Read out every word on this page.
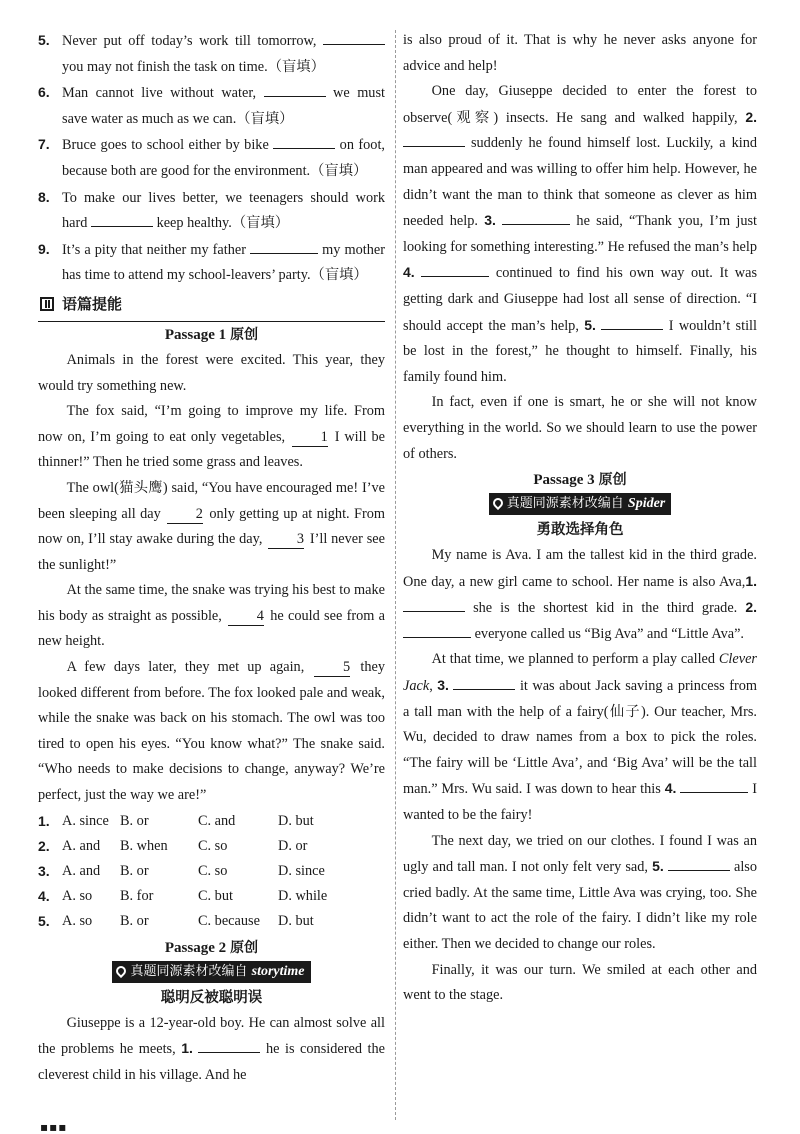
5. Never put off today’s work till tomorrow,  you may not finish the task on time.（盲填）

6. Man cannot live without water,	we must save water as much as we can.（盲填）

7. Bruce goes to school either by bike	on foot, because both are good for the environment.（盲填）

8. To make our lives better, we teenagers should work hard	keep healthy.（盲填）

9. It’s a pity that neither my father	my mother has time to attend my school-leavers’ party.（盲填）

语篇提能

Passage 1 原创

Animals in the forest were excited. This year, they would try something new.

The fox said, “I’m going to improve my life. From now on, I’m going to eat only vegetables, 1 I will be thinner!” Then he tried some grass and leaves.

The owl(猫头鹰) said, “You have encouraged me! I’ve been sleeping all day 2 only getting up at night. From now on, I’ll stay awake during the day, 3 I’ll never see the sunlight!”

At the same time, the snake was trying his best to make his body as straight as possible, 4 he could see from a new height.

A few days later, they met up again,	5 they looked different from before. The fox looked pale and weak, while the snake was back on his stomach. The owl was too tired to open his eyes. “You know what?” The snake said. “Who needs to make decisions to change, anyway? We’re perfect, just the way we are!”

1. A. since B. or	C. and	D. but
2. A. and B. when C. so	D. or
3. A. and B. or	C. so	D. since
4. A. so B. for	C. but	D. while
5. A. so B. or	C. because D. but

Passage 2 原创

真题同源素材改编自 storytime

聪明反被聪明误

Giuseppe is a 12-year-old boy. He can almost solve all the problems he meets, 1.	he is considered the cleverest child in his village. And he

is also proud of it. That is why he never asks anyone for advice and help!

One day, Giuseppe decided to enter the forest to observe(观察) insects. He sang and walked happily, 2.  suddenly he found himself lost. Luckily, a kind man appeared and was willing to offer him help. However, he didn’t want the man to think that someone as clever as him needed help. 3.	he said, “Thank you, I’m just looking for something interesting.” He refused the man’s help 4.	continued to find his own way out. It was getting dark and Giuseppe had lost all sense of direction. “I should accept the man’s help, 5.	I wouldn’t still be lost in the forest,” he thought to himself. Finally, his family found him.

In fact, even if one is smart, he or she will not know everything in the world. So we should learn to use the power of others.

Passage 3 原创

真题同源素材改编自 Spider

勇敢选择角色

My name is Ava. I am the tallest kid in the third grade. One day, a new girl came to school. Her name is also Ava,1.  she is the shortest kid in the third grade. 2.  everyone called us “Big Ava” and “Little Ava”.

At that time, we planned to perform a play called Clever Jack, 3.	it was about Jack saving a princess from a tall man with the help of a fairy(仙子). Our teacher, Mrs. Wu, decided to draw names from a box to pick the roles. “The fairy will be ‘Little Ava’, and ‘Big Ava’ will be the tall man.” Mrs. Wu said. I was down to hear this 4.	I wanted to be the fairy!

The next day, we tried on our clothes. I found I was an ugly and tall man. I not only felt very sad, 5.	also cried badly. At the same time, Little Ava was crying, too. She didn’t want to act the role of the fairy. I didn’t like my role either. Then we decided to change our roles.

Finally, it was our turn. We smiled at each other and went to the stage.

▪▪▪
